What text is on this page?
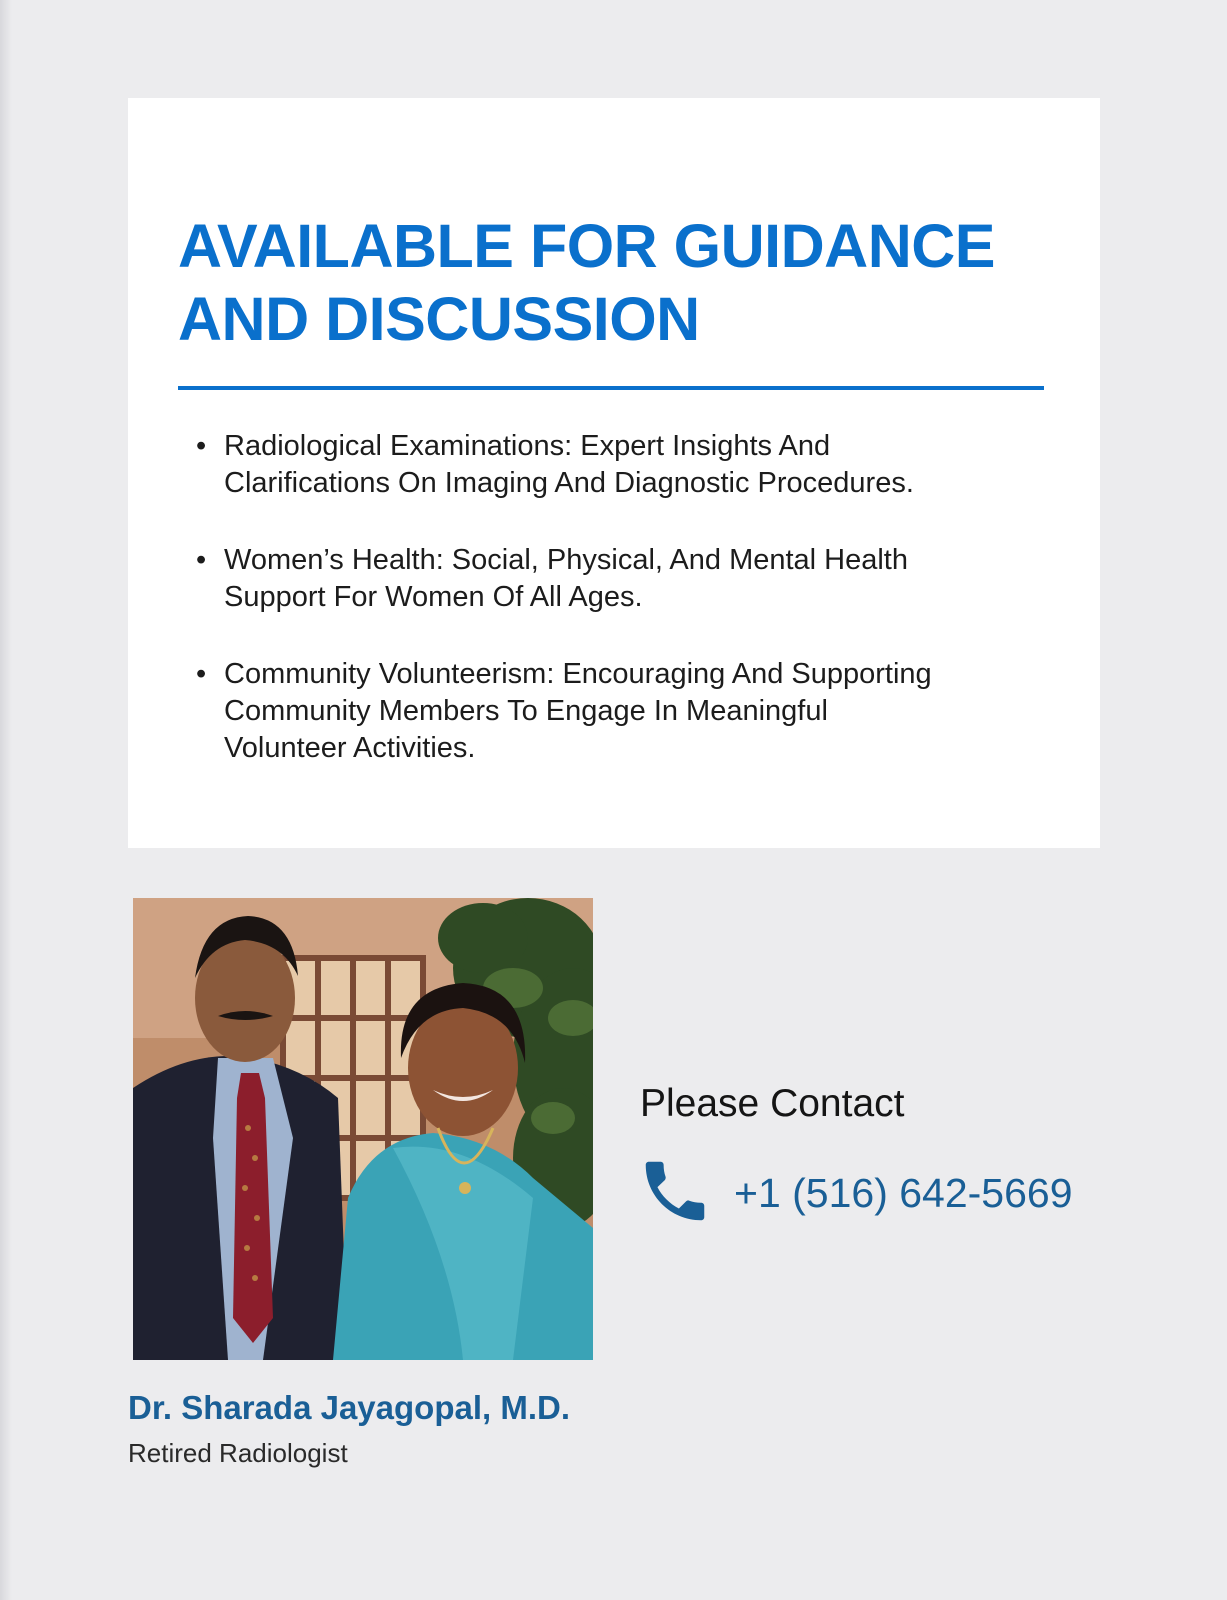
AVAILABLE FOR GUIDANCE
AND DISCUSSION
• Radiological Examinations: Expert Insights And
Clarifications On Imaging And Diagnostic Procedures.
• Women’s Health: Social, Physical, And Mental Health
Support For Women Of All Ages.
• Community Volunteerism: Encouraging And Supporting
Community Members To Engage In Meaningful
Volunteer Activities.
Dr. Sharada Jayagopal, M.D.
Retired Radiologist
Please Contact
+1 (516) 642-5669
